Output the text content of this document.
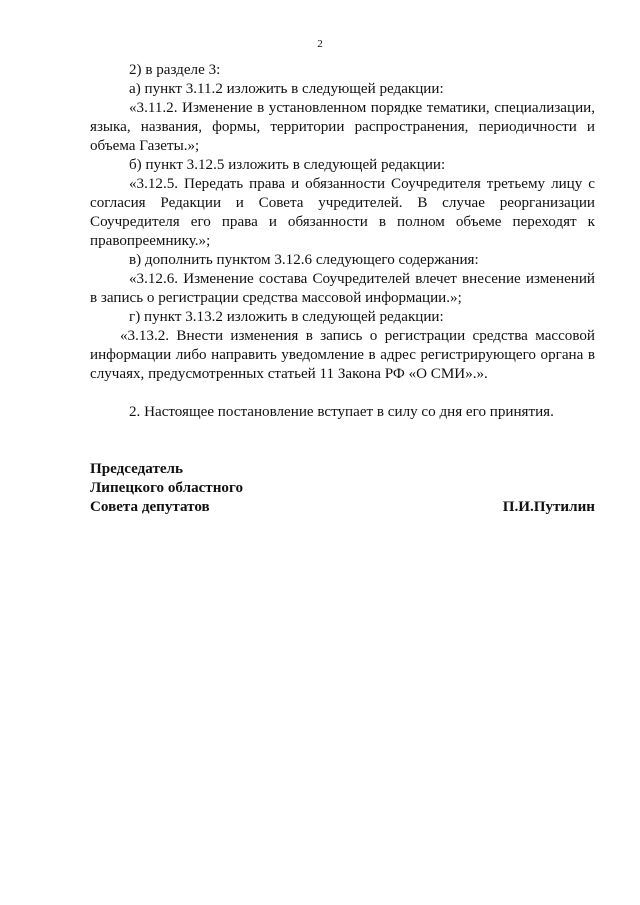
2

2) в разделе 3:

а) пункт 3.11.2 изложить в следующей редакции:

«3.11.2. Изменение в установленном порядке тематики, специализации, языка, названия, формы, территории распространения, периодичности и объема Газеты.»;

б) пункт 3.12.5 изложить в следующей редакции:

«3.12.5. Передать права и обязанности Соучредителя третьему лицу с согласия Редакции и Совета учредителей. В случае реорганизации Соучредителя его права и обязанности в полном объеме переходят к правопреемнику.»;

в) дополнить пунктом 3.12.6 следующего содержания:

«3.12.6. Изменение состава Соучредителей влечет внесение изменений в запись о регистрации средства массовой информации.»;

г) пункт 3.13.2 изложить в следующей редакции:

«3.13.2. Внести изменения в запись о регистрации средства массовой информации либо направить уведомление в адрес регистрирующего органа в случаях, предусмотренных статьей 11 Закона РФ «О СМИ».».

2. Настоящее постановление вступает в силу со дня его принятия.

Председатель
Липецкого областного
Совета депутатов	П.И.Путилин
